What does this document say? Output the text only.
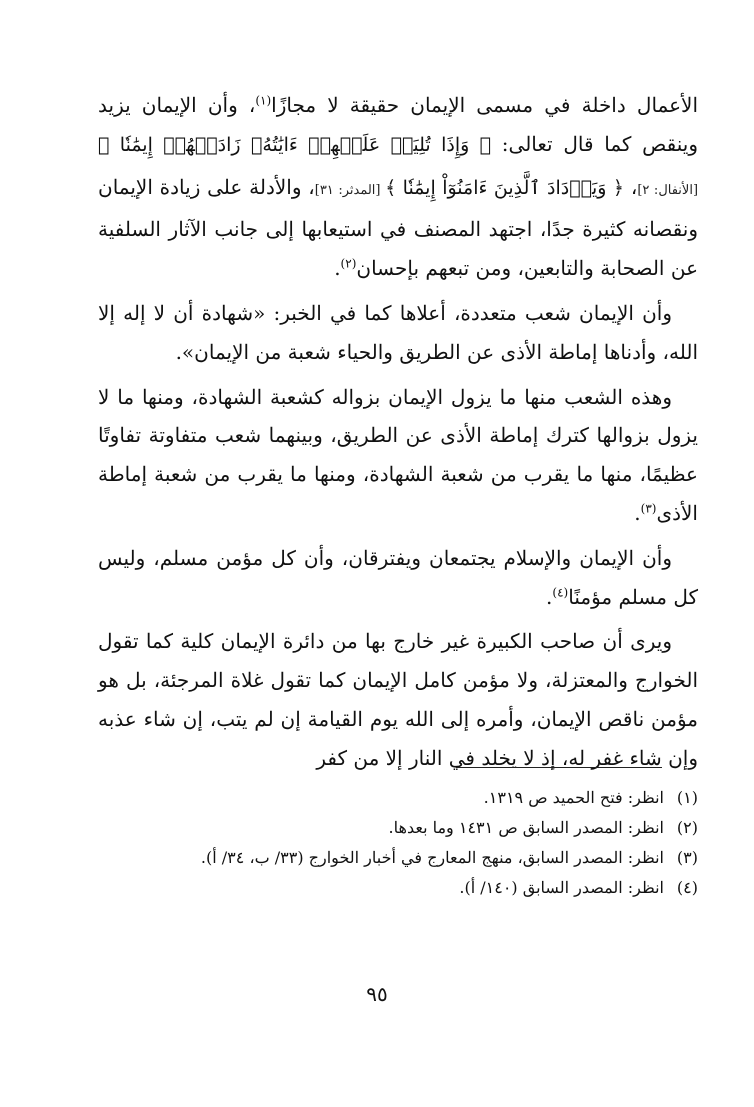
الأعمال داخلة في مسمى الإيمان حقيقة لا مجازًا$^{(١)}$، وأن الإيمان يزيد وينقص كما قال تعالى: ﴿ وَإِذَا تُلِيَتۡ عَلَيۡهِمۡ ءَايَٰتُهُۥ زَادَتۡهُمۡ إِيمَٰنٗا ﴾ [الأنفال: ٢]، ﴿ وَيَزۡدَادَ ٱلَّذِينَ ءَامَنُوٓاْ إِيمَٰنٗا ﴾ [المدثر: ٣١]، والأدلة على زيادة الإيمان ونقصانه كثيرة جدًا، اجتهد المصنف في استيعابها إلى جانب الآثار السلفية عن الصحابة والتابعين، ومن تبعهم بإحسان$^{(٢)}$.

وأن الإيمان شعب متعددة، أعلاها كما في الخبر: «شهادة أن لا إله إلا الله، وأدناها إماطة الأذى عن الطريق والحياء شعبة من الإيمان».

وهذه الشعب منها ما يزول الإيمان بزواله كشعبة الشهادة، ومنها ما لا يزول بزوالها كترك إماطة الأذى عن الطريق، وبينهما شعب متفاوتة تفاوتًا عظيمًا، منها ما يقرب من شعبة الشهادة، ومنها ما يقرب من شعبة إماطة الأذى$^{(٣)}$.

وأن الإيمان والإسلام يجتمعان ويفترقان، وأن كل مؤمن مسلم، وليس كل مسلم مؤمنًا$^{(٤)}$.

ويرى أن صاحب الكبيرة غير خارج بها من دائرة الإيمان كلية كما تقول الخوارج والمعتزلة، ولا مؤمن كامل الإيمان كما تقول غلاة المرجئة، بل هو مؤمن ناقص الإيمان، وأمره إلى الله يوم القيامة إن لم يتب، إن شاء عذبه وإن شاء غفر له، إذ لا يخلد في النار إلا من كفر

(١)
انظر: فتح الحميد ص ١٣١٩.
(٢)
انظر: المصدر السابق ص ١٤٣١ وما بعدها.
(٣)
انظر: المصدر السابق، منهج المعارج في أخبار الخوارج (٣٣/ ب، ٣٤/ أ).
(٤)
انظر: المصدر السابق (١٤٠/ أ).
٩٥
